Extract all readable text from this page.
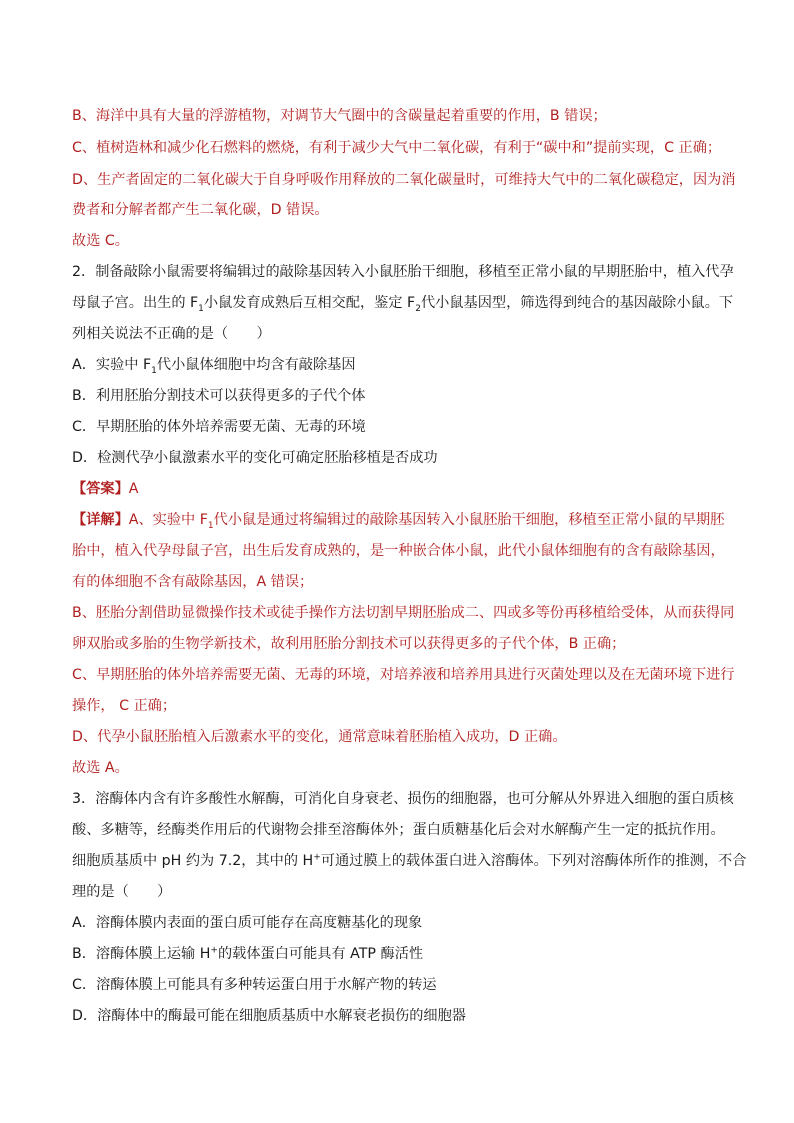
B、海洋中具有大量的浮游植物，对调节大气圈中的含碳量起着重要的作用，B 错误；
C、植树造林和减少化石燃料的燃烧，有利于减少大气中二氧化碳，有利于“碳中和”提前实现，C 正确；
D、生产者固定的二氧化碳大于自身呼吸作用释放的二氧化碳量时，可维持大气中的二氧化碳稳定，因为消
费者和分解者都产生二氧化碳，D 错误。
故选 C。
2．制备敲除小鼠需要将编辑过的敲除基因转入小鼠胚胎干细胞，移植至正常小鼠的早期胚胎中，植入代孕
母鼠子宫。出生的 $F_1$小鼠发育成熟后互相交配，鉴定 $F_2$代小鼠基因型，筛选得到纯合的基因敲除小鼠。下
列相关说法不正确的是（　　）
A．实验中 $F_1$代小鼠体细胞中均含有敲除基因
B．利用胚胎分割技术可以获得更多的子代个体
C．早期胚胎的体外培养需要无菌、无毒的环境
D．检测代孕小鼠激素水平的变化可确定胚胎移植是否成功
【答案】A
【详解】A、实验中 $F_1$代小鼠是通过将编辑过的敲除基因转入小鼠胚胎干细胞，移植至正常小鼠的早期胚
胎中，植入代孕母鼠子宫，出生后发育成熟的，是一种嵌合体小鼠，此代小鼠体细胞有的含有敲除基因，
有的体细胞不含有敲除基因，A 错误；
B、胚胎分割借助显微操作技术或徒手操作方法切割早期胚胎成二、四或多等份再移植给受体，从而获得同
卵双胎或多胎的生物学新技术，故利用胚胎分割技术可以获得更多的子代个体，B 正确；
C、早期胚胎的体外培养需要无菌、无毒的环境，对培养液和培养用具进行灭菌处理以及在无菌环境下进行
操作， C 正确；
D、代孕小鼠胚胎植入后激素水平的变化，通常意味着胚胎植入成功，D 正确。
故选 A。
3．溶酶体内含有许多酸性水解酶，可消化自身衰老、损伤的细胞器，也可分解从外界进入细胞的蛋白质核
酸、多糖等，经酶类作用后的代谢物会排至溶酶体外；蛋白质糖基化后会对水解酶产生一定的抵抗作用。
细胞质基质中 pH 约为 7.2，其中的 H+可通过膜上的载体蛋白进入溶酶体。下列对溶酶体所作的推测，不合
理的是（　　）
A．溶酶体膜内表面的蛋白质可能存在高度糖基化的现象
B．溶酶体膜上运输 H+的载体蛋白可能具有 ATP 酶活性
C．溶酶体膜上可能具有多种转运蛋白用于水解产物的转运
D．溶酶体中的酶最可能在细胞质基质中水解衰老损伤的细胞器
